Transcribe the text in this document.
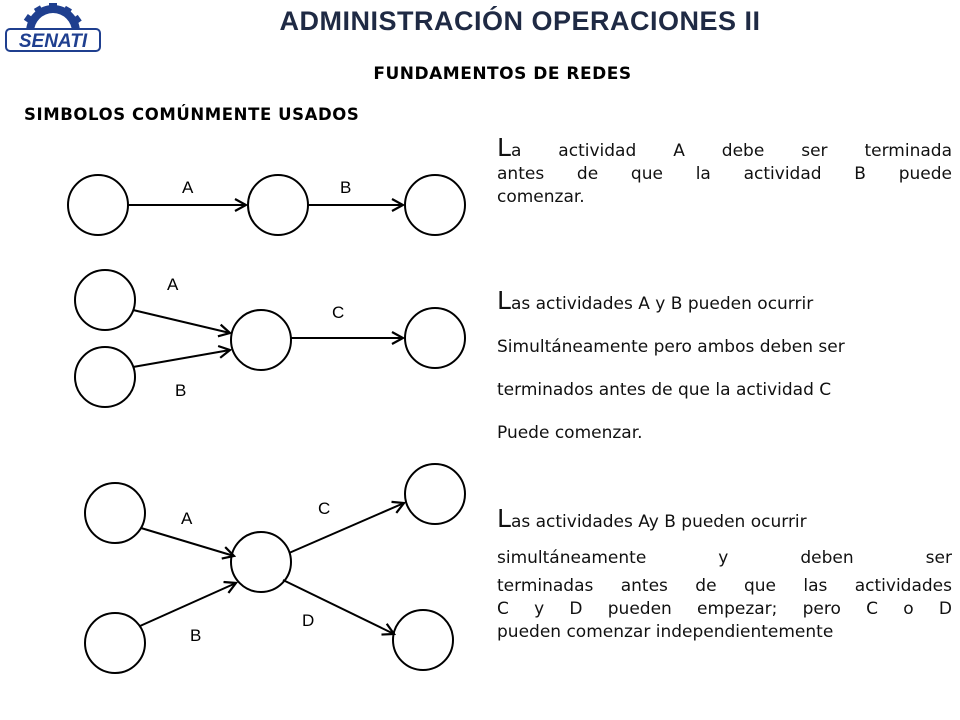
SENATI
ADMINISTRACIÓN OPERACIONES II
FUNDAMENTOS DE REDES
SIMBOLOS COMÚNMENTE USADOS
A	B
A
B
C
A
B
C
D
La actividad A debe ser terminada
antes de que la actividad B puede
comenzar.
Las actividades A y B pueden ocurrir
Simultáneamente pero ambos deben ser
terminados antes de que la actividad C
Puede comenzar.
Las actividades Ay B pueden ocurrir
simultáneamente y deben ser
terminadas antes de que las actividades
C y D pueden empezar; pero C o D
pueden comenzar independientemente
